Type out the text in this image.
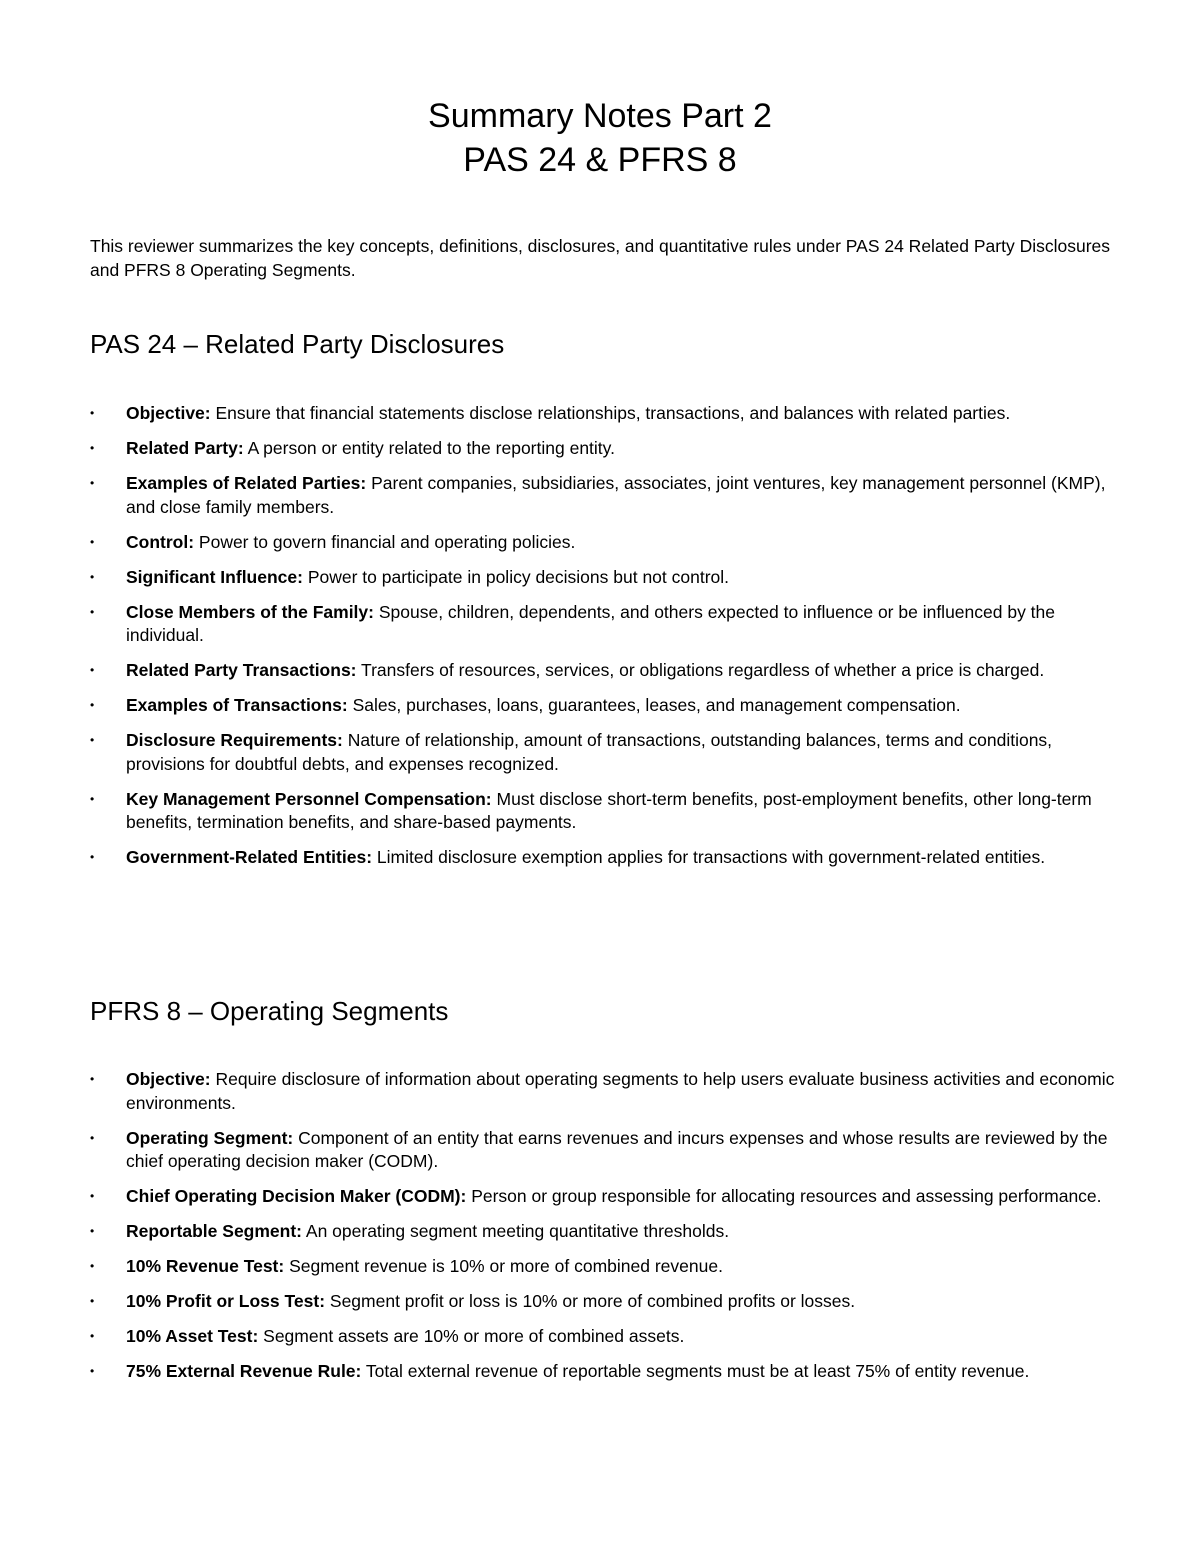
Summary Notes Part 2

PAS 24 & PFRS 8

This reviewer summarizes the key concepts, definitions, disclosures, and quantitative rules under PAS 24 Related Party Disclosures and PFRS 8 Operating Segments.

PAS 24 – Related Party Disclosures
• Objective: Ensure that financial statements disclose relationships, transactions, and balances with related parties.
• Related Party: A person or entity related to the reporting entity.
• Examples of Related Parties: Parent companies, subsidiaries, associates, joint ventures, key management personnel (KMP), and close family members.
• Control: Power to govern financial and operating policies.
• Significant Influence: Power to participate in policy decisions but not control.
• Close Members of the Family: Spouse, children, dependents, and others expected to influence or be influenced by the individual.
• Related Party Transactions: Transfers of resources, services, or obligations regardless of whether a price is charged.
• Examples of Transactions: Sales, purchases, loans, guarantees, leases, and management compensation.
• Disclosure Requirements: Nature of relationship, amount of transactions, outstanding balances, terms and conditions, provisions for doubtful debts, and expenses recognized.
• Key Management Personnel Compensation: Must disclose short-term benefits, post-employment benefits, other long-term benefits, termination benefits, and share-based payments.
• Government-Related Entities: Limited disclosure exemption applies for transactions with government-related entities.
PFRS 8 – Operating Segments
• Objective: Require disclosure of information about operating segments to help users evaluate business activities and economic environments.
• Operating Segment: Component of an entity that earns revenues and incurs expenses and whose results are reviewed by the chief operating decision maker (CODM).
• Chief Operating Decision Maker (CODM): Person or group responsible for allocating resources and assessing performance.
• Reportable Segment: An operating segment meeting quantitative thresholds.
• 10% Revenue Test: Segment revenue is 10% or more of combined revenue.
• 10% Profit or Loss Test: Segment profit or loss is 10% or more of combined profits or losses.
• 10% Asset Test: Segment assets are 10% or more of combined assets.
• 75% External Revenue Rule: Total external revenue of reportable segments must be at least 75% of entity revenue.
